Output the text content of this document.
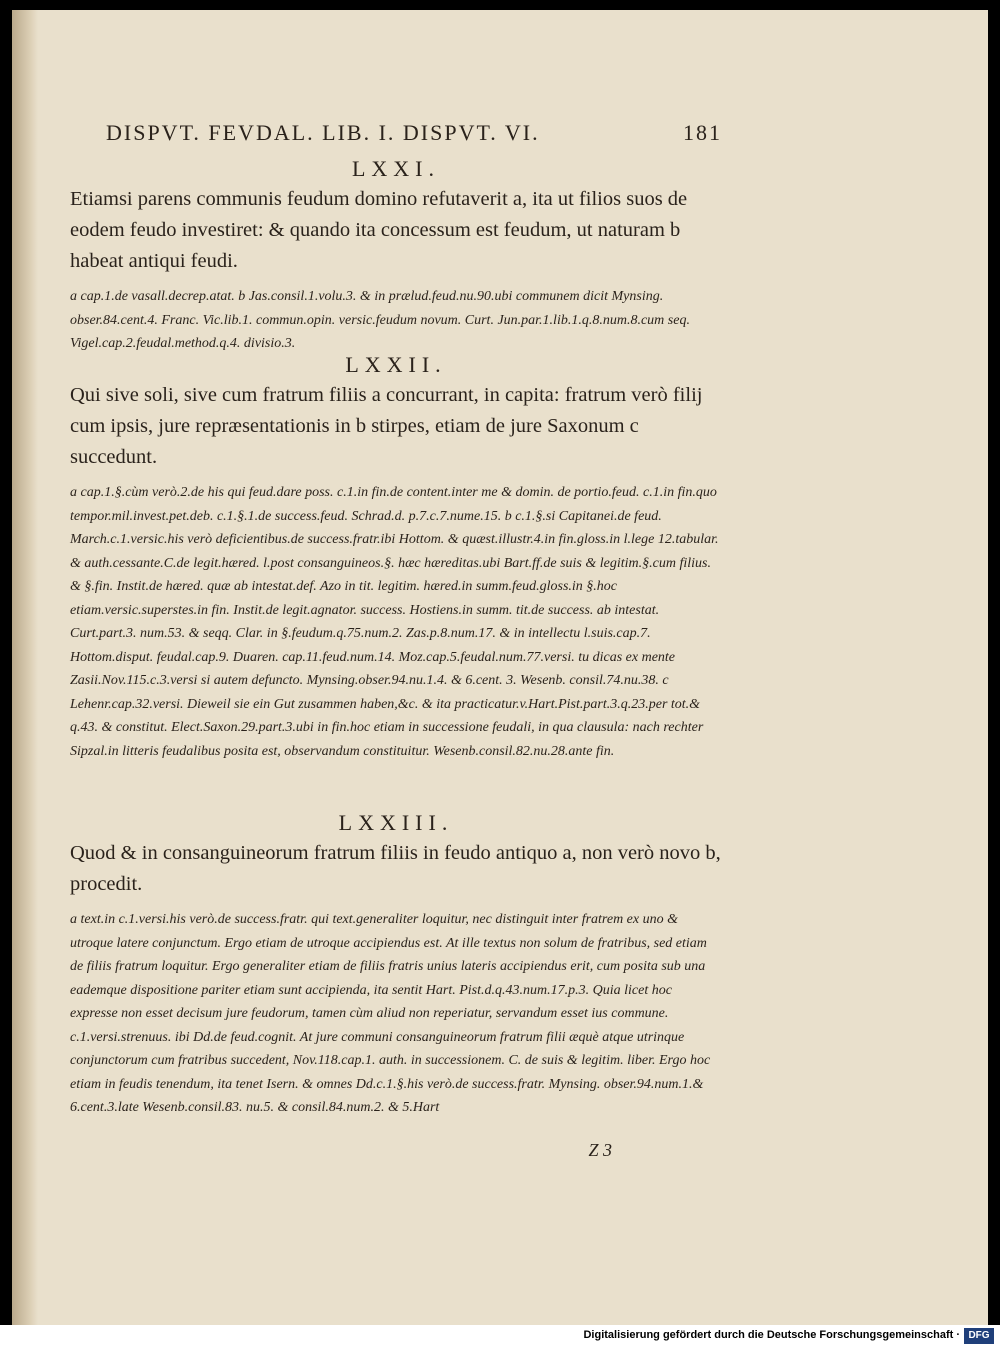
DISPVT. FEVDAL. LIB. I. DISPVT. VI.	181
LXXI.

Etiamsi parens communis feudum domino refutaverit a, ita ut filios suos de eodem feudo investiret: & quando ita concessum est feudum, ut naturam b habeat antiqui feudi.

a cap.1.de vasall.decrep.atat. b Jas.consil.1.volu.3. & in prælud.feud.nu.90.ubi communem dicit Mynsing. obser.84.cent.4. Franc. Vic.lib.1. commun.opin. versic.feudum novum. Curt. Jun.par.1.lib.1.q.8.num.8.cum seq. Vigel.cap.2.feudal.method.q.4. divisio.3.

LXXII.

Qui sive soli, sive cum fratrum filiis a concurrant, in capita: fratrum verò filij cum ipsis, jure repræsentationis in b stirpes, etiam de jure Saxonum c succedunt.

a cap.1.§.cùm verò.2.de his qui feud.dare poss. c.1.in fin.de content.inter me & domin. de portio.feud. c.1.in fin.quo tempor.mil.invest.pet.deb. c.1.§.1.de success.feud. Schrad.d. p.7.c.7.nume.15. b c.1.§.si Capitanei.de feud. March.c.1.versic.his verò deficientibus.de success.fratr.ibi Hottom. & quæst.illustr.4.in fin.gloss.in l.lege 12.tabular. & auth.cessante.C.de legit.hæred. l.post consanguineos.§. hæc hæreditas.ubi Bart.ff.de suis & legitim.§.cum filius. & §.fin. Instit.de hæred. quæ ab intestat.def. Azo in tit. legitim. hæred.in summ.feud.gloss.in §.hoc etiam.versic.superstes.in fin. Instit.de legit.agnator. success. Hostiens.in summ. tit.de success. ab intestat. Curt.part.3. num.53. & seqq. Clar. in §.feudum.q.75.num.2. Zas.p.8.num.17. & in intellectu l.suis.cap.7. Hottom.disput. feudal.cap.9. Duaren. cap.11.feud.num.14. Moz.cap.5.feudal.num.77.versi. tu dicas ex mente Zasii.Nov.115.c.3.versi si autem defuncto. Mynsing.obser.94.nu.1.4. & 6.cent. 3. Wesenb. consil.74.nu.38. c Lehenr.cap.32.versi. Dieweil sie ein Gut zusammen haben,&c. & ita practicatur.v.Hart.Pist.part.3.q.23.per tot.& q.43. & constitut. Elect.Saxon.29.part.3.ubi in fin.hoc etiam in successione feudali, in qua clausula: nach rechter Sipzal.in litteris feudalibus posita est, observandum constituitur. Wesenb.consil.82.nu.28.ante fin.

LXXIII.

Quod & in consanguineorum fratrum filiis in feudo antiquo a, non verò novo b, procedit.

a text.in c.1.versi.his verò.de success.fratr. qui text.generaliter loquitur, nec distinguit inter fratrem ex uno & utroque latere conjunctum. Ergo etiam de utroque accipiendus est. At ille textus non solum de fratribus, sed etiam de filiis fratrum loquitur. Ergo generaliter etiam de filiis fratris unius lateris accipiendus erit, cum posita sub una eademque dispositione pariter etiam sunt accipienda, ita sentit Hart. Pist.d.q.43.num.17.p.3. Quia licet hoc expresse non esset decisum jure feudorum, tamen cùm aliud non reperiatur, servandum esset ius commune. c.1.versi.strenuus. ibi Dd.de feud.cognit. At jure communi consanguineorum fratrum filii æquè atque utrinque conjunctorum cum fratribus succedent, Nov.118.cap.1. auth. in successionem. C. de suis & legitim. liber. Ergo hoc etiam in feudis tenendum, ita tenet Isern. & omnes Dd.c.1.§.his verò.de success.fratr. Mynsing. obser.94.num.1.& 6.cent.3.late Wesenb.consil.83. nu.5. & consil.84.num.2. & 5.Hart

Z 3
Digitalisierung gefördert durch die Deutsche Forschungsgemeinschaft · DFG
